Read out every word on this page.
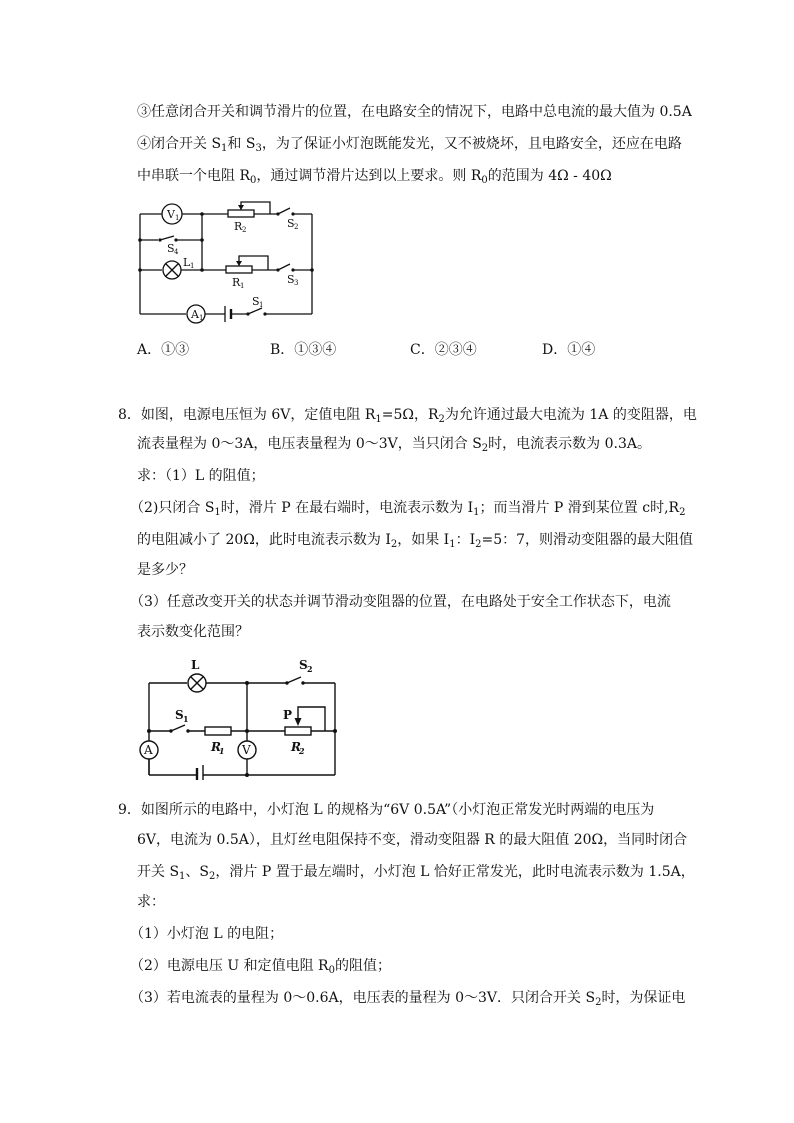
③任意闭合开关和调节滑片的位置，在电路安全的情况下，电路中总电流的最大值为 0.5A
④闭合开关 $S_1$和 $S_3$，为了保证小灯泡既能发光，又不被烧坏，且电路安全，还应在电路
中串联一个电阻 $R_0$，通过调节滑片达到以上要求。则 $R_0$的范围为 4Ω - 40Ω
V 1
R 2	S 2
S 4
L 1
R 1	S 3
S 1
A 1
A．①③	B．①③④	C．②③④	D．①④
8．如图，电源电压恒为 6V，定值电阻 $R_1=5\Omega$，$R_2$为允许通过最大电流为 1A 的变阻器，电
流表量程为 0～3A，电压表量程为 0～3V，当只闭合 $S_2$时，电流表示数为 0.3A。
求：（1）L 的阻值；
（2)只闭合 $S_1$时，滑片 P 在最右端时，电流表示数为 $I_1$；而当滑片 P 滑到某位置 c时$,R_2$
的电阻减小了 20Ω，此时电流表示数为 $I_2$，如果 $I_1$：$I_2=5$：7，则滑动变阻器的最大阻值
是多少？
（3）任意改变开关的状态并调节滑动变阻器的位置，在电路处于安全工作状态下，电流
表示数变化范围？
L	S 2
S 1	P
A	V
R
1	R
2
9．如图所示的电路中，小灯泡 L 的规格为“6V 0.5A”（小灯泡正常发光时两端的电压为
6V，电流为 0.5A），且灯丝电阻保持不变，滑动变阻器 R 的最大阻值 20Ω，当同时闭合
开关 $S_1$、$S_2$，滑片 P 置于最左端时，小灯泡 L 恰好正常发光，此时电流表示数为 1.5A，
求：
（1）小灯泡 L 的电阻；
（2）电源电压 U 和定值电阻 $R_0$的阻值；
（3）若电流表的量程为 0～0.6A，电压表的量程为 0～3V．只闭合开关 $S_2$时，为保证电
